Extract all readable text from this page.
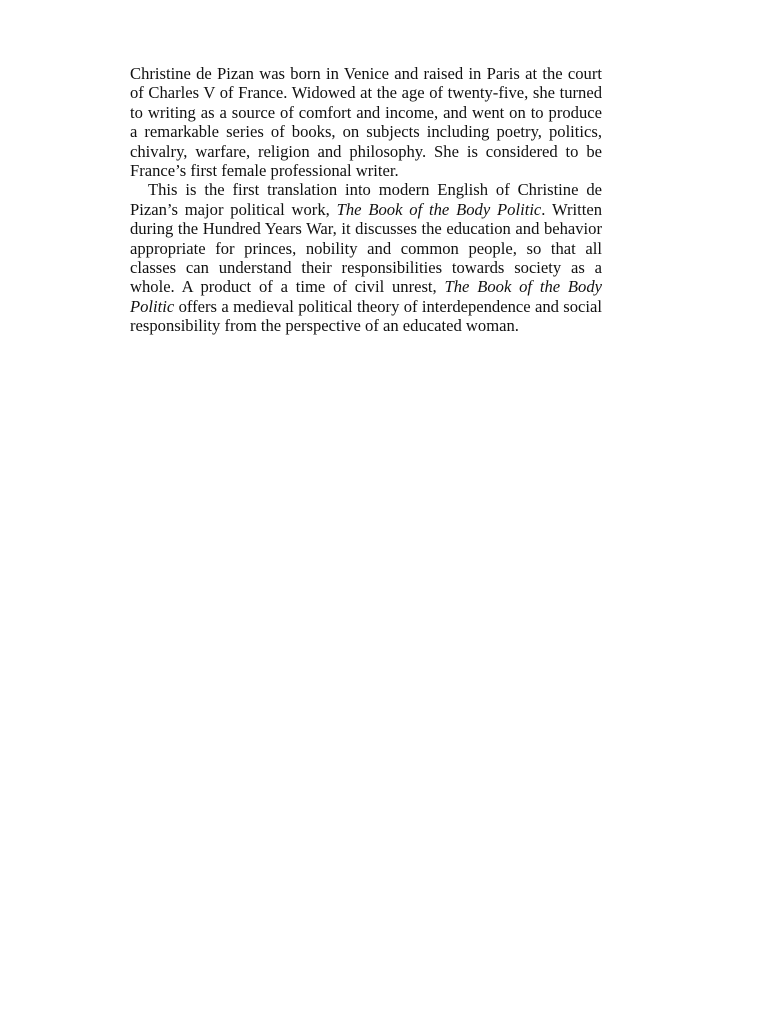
Christine de Pizan was born in Venice and raised in Paris at the court of Charles V of France. Widowed at the age of twenty-five, she turned to writing as a source of comfort and income, and went on to produce a remarkable series of books, on subjects including poetry, politics, chivalry, warfare, religion and philosophy. She is considered to be France’s first female professional writer.

This is the first translation into modern English of Christine de Pizan’s major political work, The Book of the Body Politic. Written during the Hundred Years War, it discusses the education and behavior appropriate for princes, nobility and common people, so that all classes can understand their responsibilities towards society as a whole. A product of a time of civil unrest, The Book of the Body Politic offers a medieval political theory of interdependence and social responsibility from the perspective of an educated woman.
